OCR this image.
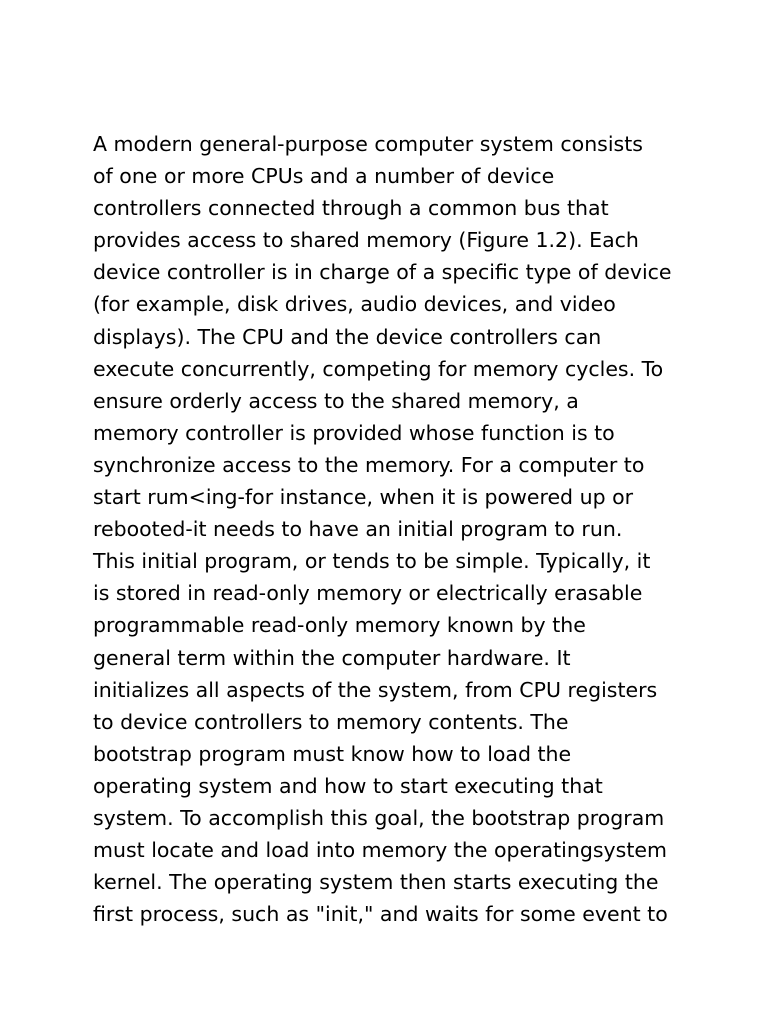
A modern general-purpose computer system consists
of one or more CPUs and a number of device
controllers connected through a common bus that
provides access to shared memory (Figure 1.2). Each
device controller is in charge of a specific type of device
(for example, disk drives, audio devices, and video
displays). The CPU and the device controllers can
execute concurrently, competing for memory cycles. To
ensure orderly access to the shared memory, a
memory controller is provided whose function is to
synchronize access to the memory. For a computer to
start rum<ing-for instance, when it is powered up or
rebooted-it needs to have an initial program to run.
This initial program, or tends to be simple. Typically, it
is stored in read-only memory or electrically erasable
programmable read-only memory known by the
general term within the computer hardware. It
initializes all aspects of the system, from CPU registers
to device controllers to memory contents. The
bootstrap program must know how to load the
operating system and how to start executing that
system. To accomplish this goal, the bootstrap program
must locate and load into memory the operatingsystem
kernel. The operating system then starts executing the
first process, such as "init," and waits for some event to
